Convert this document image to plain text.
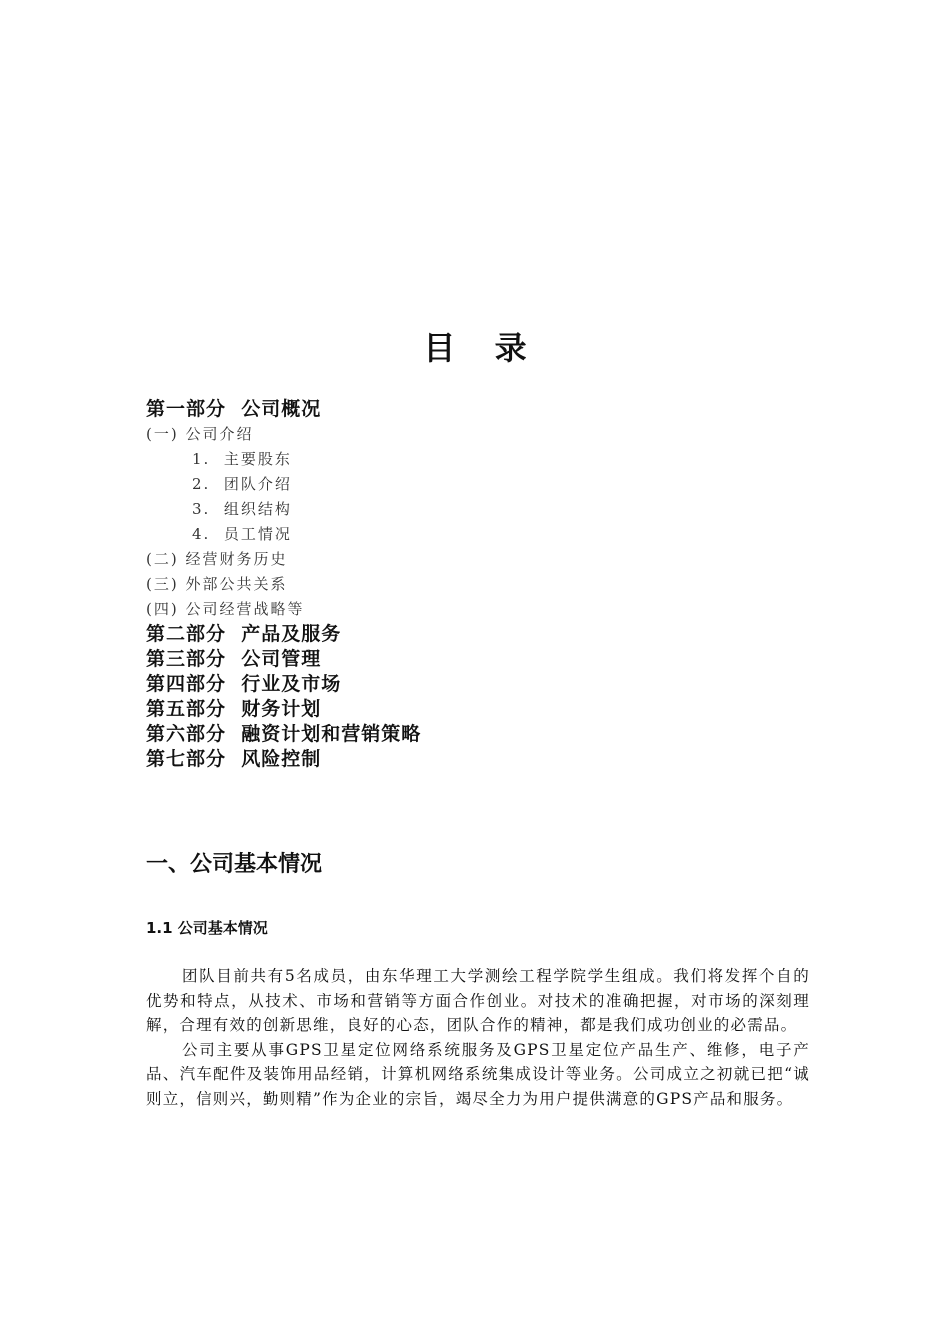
目 录
第一部分  公司概况
(一) 公司介绍
1.  主要股东
2.  团队介绍
3.  组织结构
4.  员工情况
(二) 经营财务历史
(三) 外部公共关系
(四) 公司经营战略等
第二部分  产品及服务
第三部分  公司管理
第四部分  行业及市场
第五部分  财务计划
第六部分  融资计划和营销策略
第七部分  风险控制
一、公司基本情况
1.1 公司基本情况

团队目前共有5名成员，由东华理工大学测绘工程学院学生组成。我们将发挥个自的优势和特点，从技术、市场和营销等方面合作创业。对技术的准确把握，对市场的深刻理解，合理有效的创新思维，良好的心态，团队合作的精神，都是我们成功创业的必需品。

公司主要从事GPS卫星定位网络系统服务及GPS卫星定位产品生产、维修，电子产品、汽车配件及装饰用品经销，计算机网络系统集成设计等业务。公司成立之初就已把“诚则立，信则兴，勤则精”作为企业的宗旨，竭尽全力为用户提供满意的GPS产品和服务。
